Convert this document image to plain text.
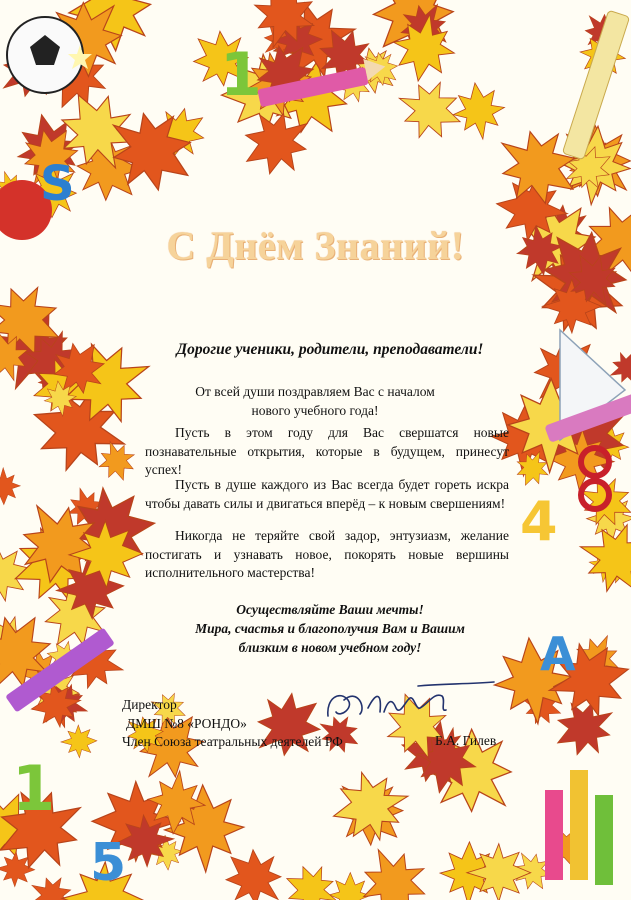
S
1
4
A
1
5
С Днём Знаний!
Дорогие ученики, родители, преподаватели!
От всей души поздравляем Вас с началом
нового учебного года!
Пусть в этом году для Вас свершатся новые познавательные открытия, которые в будущем, принесут успех!
Пусть в душе каждого из Вас всегда будет гореть искра чтобы давать силы и двигаться вперёд – к новым свершениям!
Никогда не теряйте свой задор, энтузиазм, желание постигать и узнавать новое, покорять новые вершины исполнительного мастерства!
Осуществляйте Ваши мечты!
Мира, счастья и благополучия Вам и Вашим
близким в новом учебном году!
Директор
ДМШ №8 «РОНДО»
Член Союза театральных деятелей РФ	Б.А. Гилев
